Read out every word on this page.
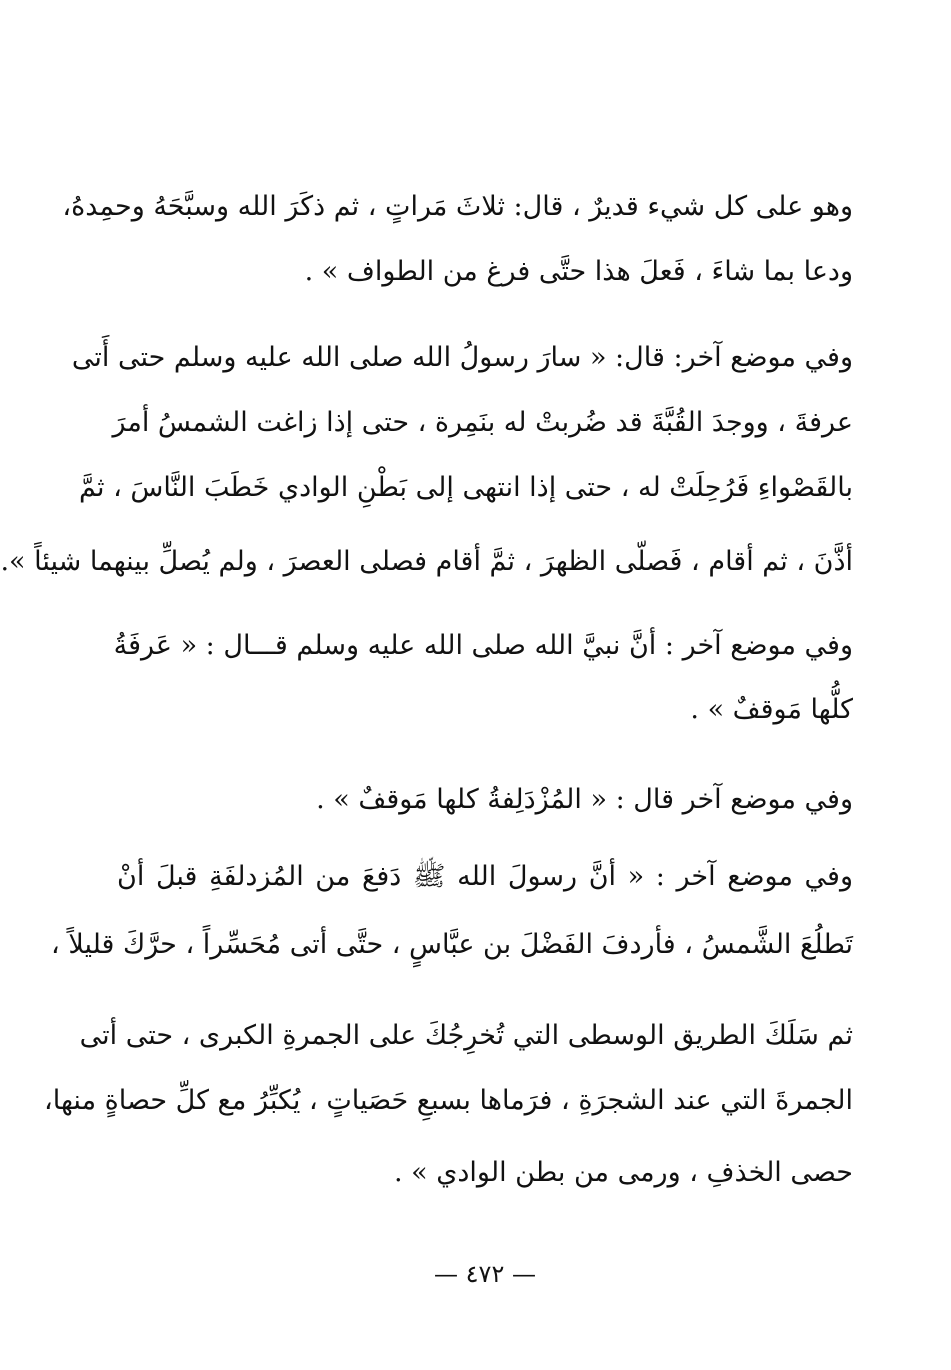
وهو على كل شيء قديرٌ ، قال: ثلاثَ مَراتٍ ، ثم ذكَرَ الله وسبَّحَهُ وحمِدهُ،
ودعا بما شاءَ ، فَعلَ هذا حتَّى فرغ من الطواف » .
وفي موضع آخر: قال: « سارَ رسولُ الله صلى الله عليه وسلم حتى أَتى
عرفةَ ، ووجدَ القُبَّةَ قد ضُربتْ له بنَمِرة ، حتى إذا زاغت الشمسُ أمرَ
بالقَصْواءِ فَرُحِلَتْ له ، حتى إذا انتهى إلى بَطْنِ الوادي خَطَبَ النَّاسَ ، ثمَّ
أذَّنَ ، ثم أقام ، فَصلّى الظهرَ ، ثمَّ أقام فصلى العصرَ ، ولم يُصلِّ بينهما شيئاً ».
وفي موضع آخر : أنَّ نبيَّ الله صلى الله عليه وسلم قـــال : « عَرفَةُ
كلُّها مَوقفٌ » .
وفي موضع آخر قال : « المُزْدَلِفةُ كلها مَوقفٌ » .
وفي موضع آخر : « أنَّ رسولَ الله ﷺ دَفعَ من المُزدلفَةِ قبلَ أنْ
تَطلُعَ الشَّمسُ ، فأردفَ الفَضْلَ بن عبَّاسٍ ، حتَّى أتى مُحَسِّراً ، حرَّكَ قليلاً ،
ثم سَلَكَ الطريق الوسطى التي تُخرِجُكَ على الجمرةِ الكبرى ، حتى أتى
الجمرةَ التي عند الشجرَةِ ، فرَماها بسبعِ حَصَياتٍ ، يُكبِّرُ مع كلِّ حصاةٍ منها،
حصى الخذفِ ، ورمى من بطن الوادي » .
— ٤٧٢ —
